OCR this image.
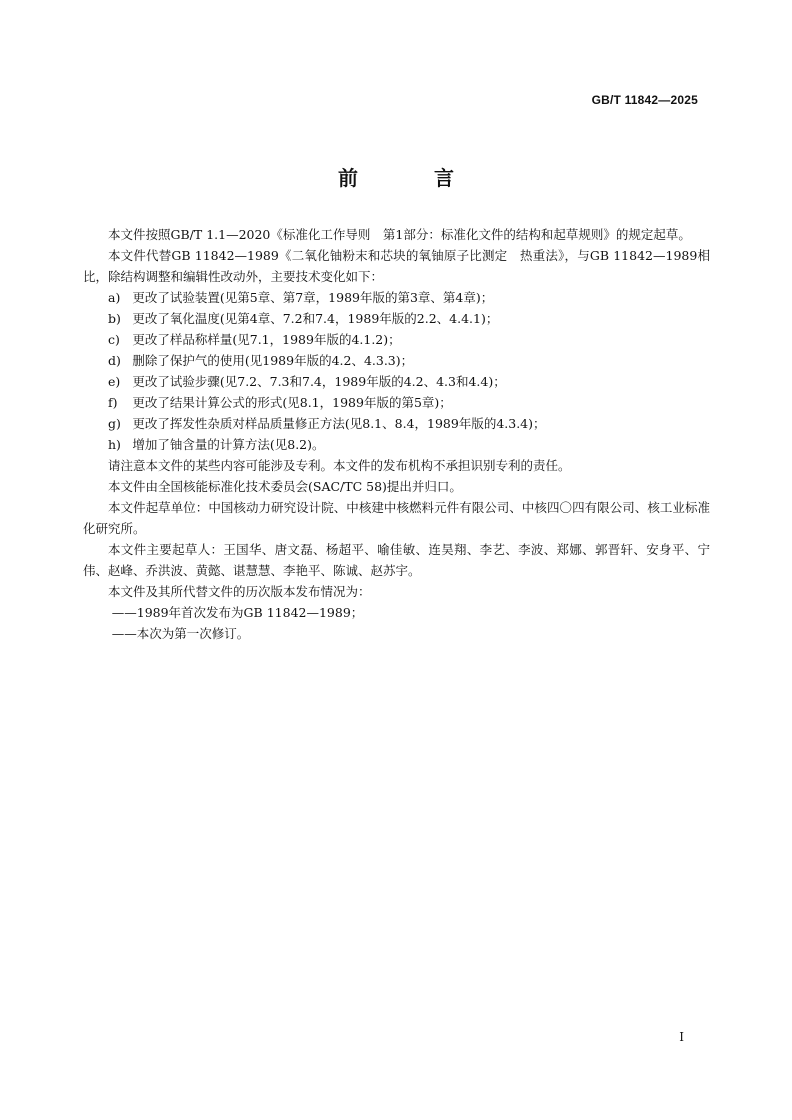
GB/T 11842—2025
前　言

本文件按照GB/T 1.1—2020《标准化工作导则　第1部分：标准化文件的结构和起草规则》的规定起草。

本文件代替GB 11842—1989《二氧化铀粉末和芯块的氧铀原子比测定　热重法》，与GB 11842—1989相比，除结构调整和编辑性改动外，主要技术变化如下：

a) 更改了试验装置(见第5章、第7章，1989年版的第3章、第4章)；

b) 更改了氧化温度(见第4章、7.2和7.4，1989年版的2.2、4.4.1)；

c) 更改了样品称样量(见7.1，1989年版的4.1.2)；

d) 删除了保护气的使用(见1989年版的4.2、4.3.3)；

e) 更改了试验步骤(见7.2、7.3和7.4，1989年版的4.2、4.3和4.4)；

f) 更改了结果计算公式的形式(见8.1，1989年版的第5章)；

g) 更改了挥发性杂质对样品质量修正方法(见8.1、8.4，1989年版的4.3.4)；

h) 增加了铀含量的计算方法(见8.2)。

请注意本文件的某些内容可能涉及专利。本文件的发布机构不承担识别专利的责任。

本文件由全国核能标准化技术委员会(SAC/TC 58)提出并归口。

本文件起草单位：中国核动力研究设计院、中核建中核燃料元件有限公司、中核四〇四有限公司、核工业标准化研究所。

本文件主要起草人：王国华、唐文磊、杨超平、喻佳敏、连昊翔、李艺、李波、郑娜、郭晋轩、安身平、宁伟、赵峰、乔洪波、黄懿、谌慧慧、李艳平、陈诚、赵苏宇。

本文件及其所代替文件的历次版本发布情况为：

——1989年首次发布为GB 11842—1989；

——本次为第一次修订。

I
